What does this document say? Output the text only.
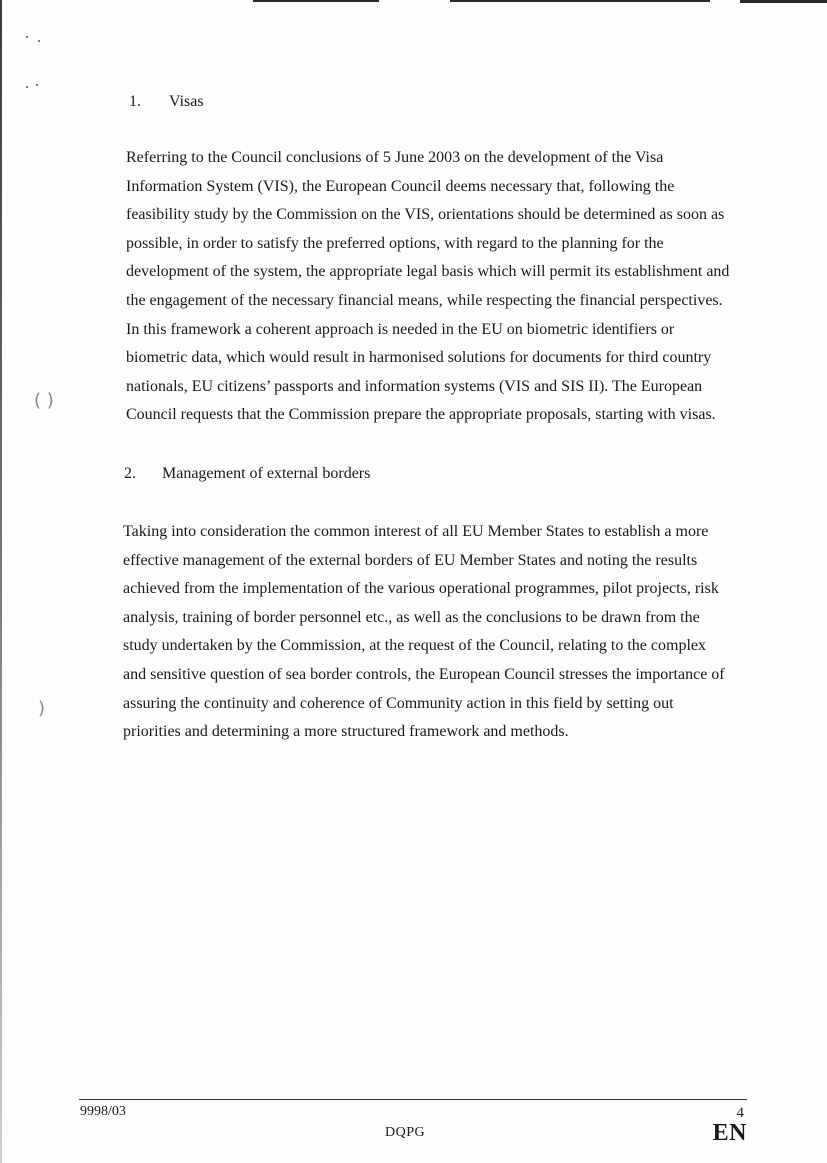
( )
)
1. Visas

Referring to the Council conclusions of 5 June 2003 on the development of the Visa
Information System (VIS), the European Council deems necessary that, following the
feasibility study by the Commission on the VIS, orientations should be determined as soon as
possible, in order to satisfy the preferred options, with regard to the planning for the
development of the system, the appropriate legal basis which will permit its establishment and
the engagement of the necessary financial means, while respecting the financial perspectives.
In this framework a coherent approach is needed in the EU on biometric identifiers or
biometric data, which would result in harmonised solutions for documents for third country
nationals, EU citizens’ passports and information systems (VIS and SIS II). The European
Council requests that the Commission prepare the appropriate proposals, starting with visas.

2. Management of external borders

Taking into consideration the common interest of all EU Member States to establish a more
effective management of the external borders of EU Member States and noting the results
achieved from the implementation of the various operational programmes, pilot projects, risk
analysis, training of border personnel etc., as well as the conclusions to be drawn from the
study undertaken by the Commission, at the request of the Council, relating to the complex
and sensitive question of sea border controls, the European Council stresses the importance of
assuring the continuity and coherence of Community action in this field by setting out
priorities and determining a more structured framework and methods.

9998/03
DQPG
4
EN
